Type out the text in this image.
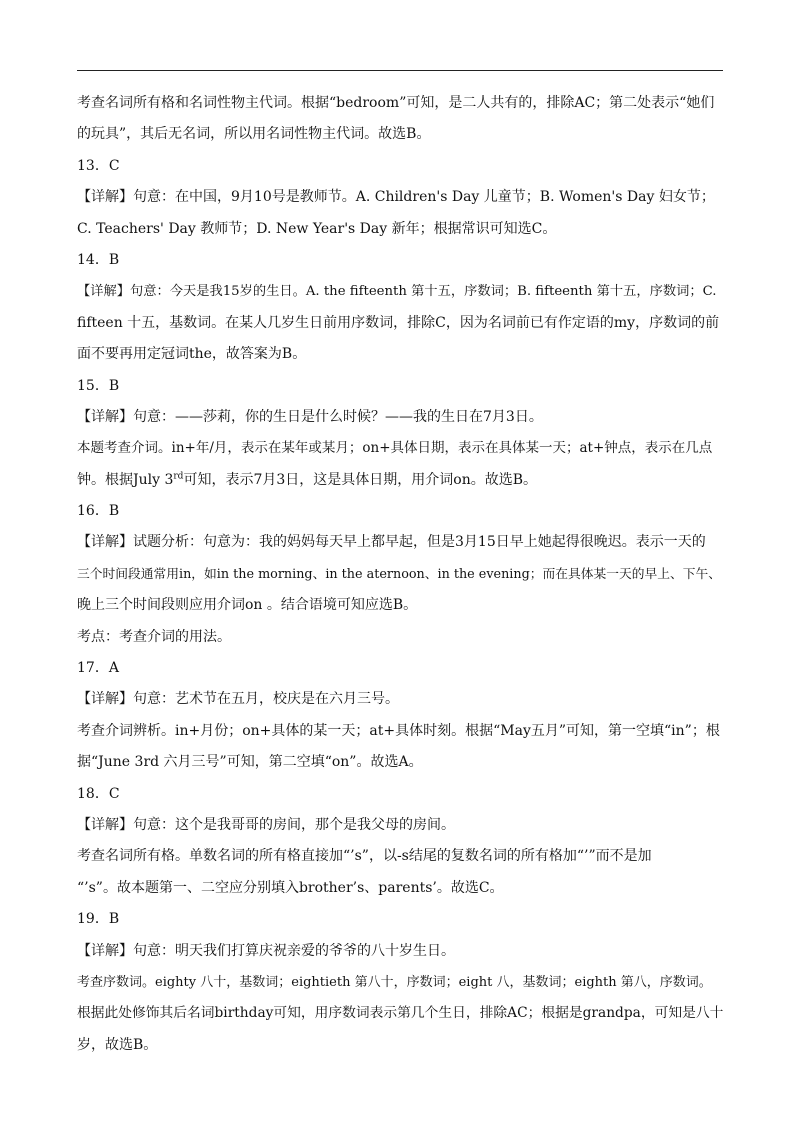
考查名词所有格和名词性物主代词。根据“bedroom”可知，是二人共有的，排除AC；第二处表示“她们
的玩具”，其后无名词，所以用名词性物主代词。故选B。
13．C
【详解】句意：在中国，9月10号是教师节。A. Children's Day 儿童节；B. Women's Day 妇女节；
C. Teachers' Day 教师节；D. New Year's Day 新年；根据常识可知选C。
14．B
【详解】句意：今天是我15岁的生日。A. the fifteenth 第十五，序数词；B. fifteenth 第十五，序数词；C.
fifteen 十五，基数词。在某人几岁生日前用序数词，排除C，因为名词前已有作定语的my，序数词的前
面不要再用定冠词the，故答案为B。
15．B
【详解】句意：——莎莉，你的生日是什么时候？——我的生日在7月3日。
本题考查介词。in+年/月，表示在某年或某月；on+具体日期，表示在具体某一天；at+钟点，表示在几点
钟。根据July 3rd可知，表示7月3日，这是具体日期，用介词on。故选B。
16．B
【详解】试题分析：句意为：我的妈妈每天早上都早起，但是3月15日早上她起得很晚迟。表示一天的
三个时间段通常用in，如in the morning、in the aternoon、in the evening；而在具体某一天的早上、下午、
晚上三个时间段则应用介词on 。结合语境可知应选B。
考点：考查介词的用法。
17．A
【详解】句意：艺术节在五月，校庆是在六月三号。
考查介词辨析。in+月份；on+具体的某一天；at+具体时刻。根据“May五月”可知，第一空填“in”；根
据“June 3rd 六月三号”可知，第二空填“on”。故选A。
18．C
【详解】句意：这个是我哥哥的房间，那个是我父母的房间。
考查名词所有格。单数名词的所有格直接加“’s”，以-s结尾的复数名词的所有格加“’”而不是加
“’s”。故本题第一、二空应分别填入brother’s、parents’。故选C。
19．B
【详解】句意：明天我们打算庆祝亲爱的爷爷的八十岁生日。
考查序数词。eighty 八十，基数词；eightieth 第八十，序数词；eight 八，基数词；eighth 第八，序数词。
根据此处修饰其后名词birthday可知，用序数词表示第几个生日，排除AC；根据是grandpa，可知是八十
岁，故选B。
